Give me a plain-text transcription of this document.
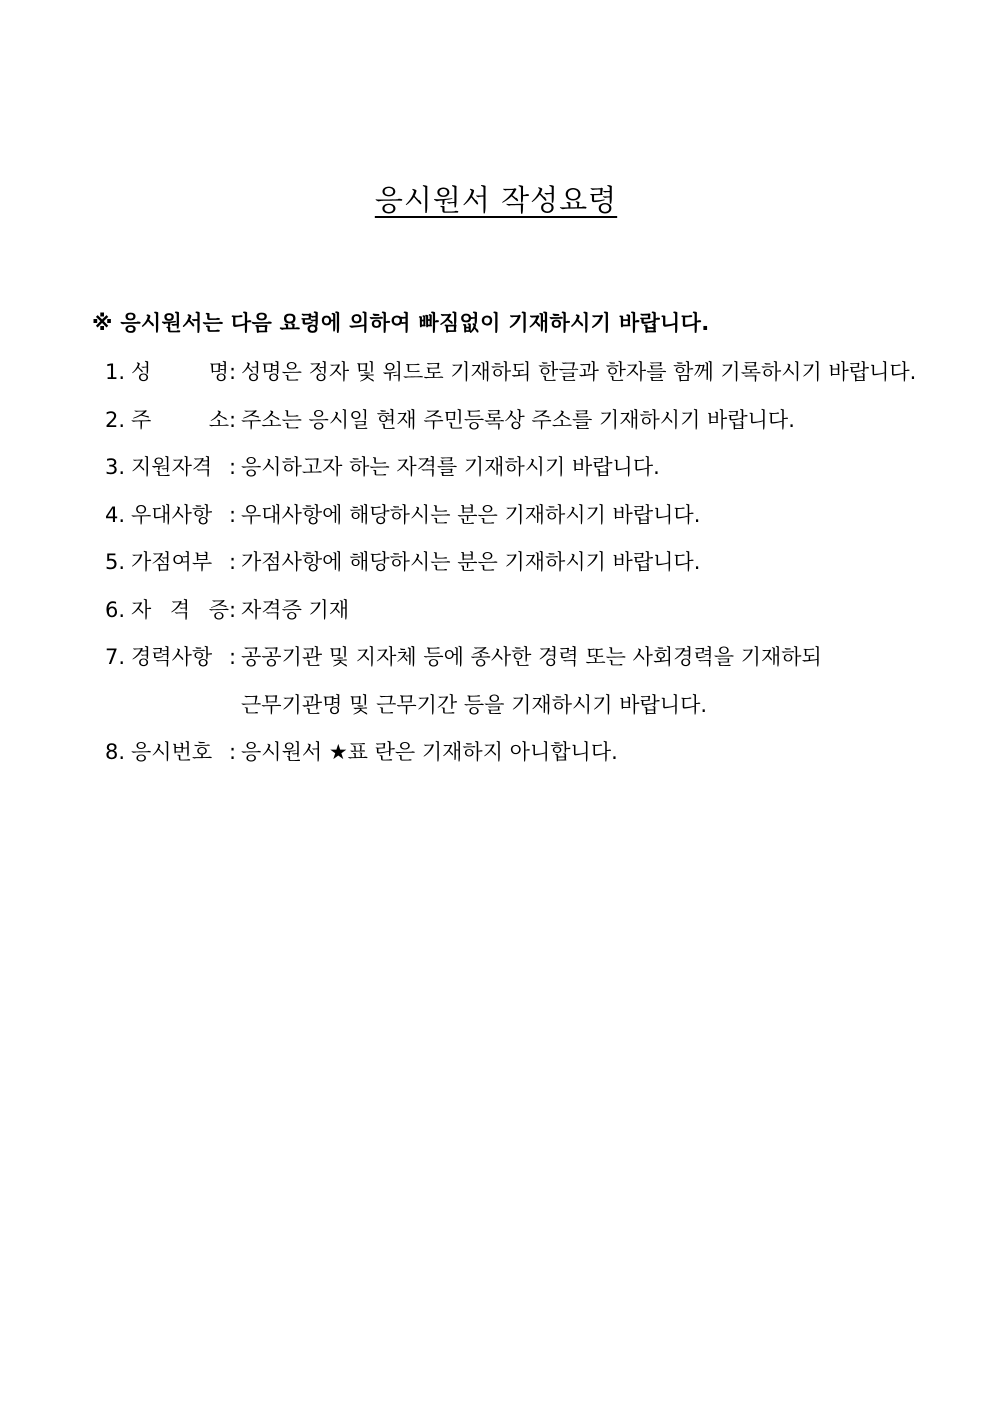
응시원서 작성요령
※ 응시원서는 다음 요령에 의하여 빠짐없이 기재하시기 바랍니다.
1. 성	명 : 성명은 정자 및 워드로 기재하되 한글과 한자를 함께 기록하시기 바랍니다.
2. 주	소 : 주소는 응시일 현재 주민등록상 주소를 기재하시기 바랍니다.
3. 지원자격 : 응시하고자 하는 자격를 기재하시기 바랍니다.
4. 우대사항 : 우대사항에 해당하시는 분은 기재하시기 바랍니다.
5. 가점여부 : 가점사항에 해당하시는 분은 기재하시기 바랍니다.
6. 자 격 증 : 자격증 기재
7. 경력사항 : 공공기관 및 지자체 등에 종사한 경력 또는 사회경력을 기재하되
근무기관명 및 근무기간 등을 기재하시기 바랍니다.
8. 응시번호 : 응시원서 ★표 란은 기재하지 아니합니다.
